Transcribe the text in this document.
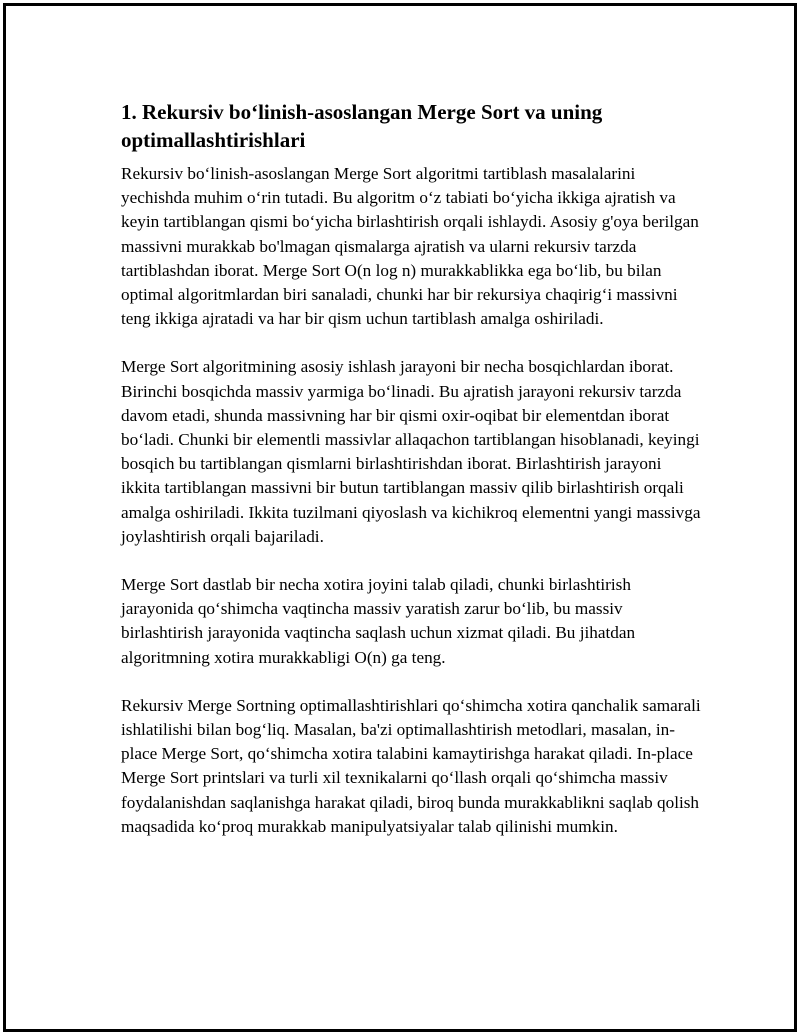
1. Rekursiv bo‘linish-asoslangan Merge Sort va uning optimallashtirishlari

Rekursiv bo‘linish-asoslangan Merge Sort algoritmi tartiblash masalalarini yechishda muhim o‘rin tutadi. Bu algoritm o‘z tabiati bo‘yicha ikkiga ajratish va keyin tartiblangan qismi bo‘yicha birlashtirish orqali ishlaydi. Asosiy g'oya berilgan massivni murakkab bo'lmagan qismalarga ajratish va ularni rekursiv tarzda tartiblashdan iborat. Merge Sort O(n log n) murakkablikka ega bo‘lib, bu bilan optimal algoritmlardan biri sanaladi, chunki har bir rekursiya chaqirig‘i massivni teng ikkiga ajratadi va har bir qism uchun tartiblash amalga oshiriladi.

Merge Sort algoritmining asosiy ishlash jarayoni bir necha bosqichlardan iborat. Birinchi bosqichda massiv yarmiga bo‘linadi. Bu ajratish jarayoni rekursiv tarzda davom etadi, shunda massivning har bir qismi oxir-oqibat bir elementdan iborat bo‘ladi. Chunki bir elementli massivlar allaqachon tartiblangan hisoblanadi, keyingi bosqich bu tartiblangan qismlarni birlashtirishdan iborat. Birlashtirish jarayoni ikkita tartiblangan massivni bir butun tartiblangan massiv qilib birlashtirish orqali amalga oshiriladi. Ikkita tuzilmani qiyoslash va kichikroq elementni yangi massivga joylashtirish orqali bajariladi.

Merge Sort dastlab bir necha xotira joyini talab qiladi, chunki birlashtirish jarayonida qo‘shimcha vaqtincha massiv yaratish zarur bo‘lib, bu massiv birlashtirish jarayonida vaqtincha saqlash uchun xizmat qiladi. Bu jihatdan algoritmning xotira murakkabligi O(n) ga teng.

Rekursiv Merge Sortning optimallashtirishlari qo‘shimcha xotira qanchalik samarali ishlatilishi bilan bog‘liq. Masalan, ba'zi optimallashtirish metodlari, masalan, in-place Merge Sort, qo‘shimcha xotira talabini kamaytirishga harakat qiladi. In-place Merge Sort printslari va turli xil texnikalarni qo‘llash orqali qo‘shimcha massiv foydalanishdan saqlanishga harakat qiladi, biroq bunda murakkablikni saqlab qolish maqsadida ko‘proq murakkab manipulyatsiyalar talab qilinishi mumkin.
